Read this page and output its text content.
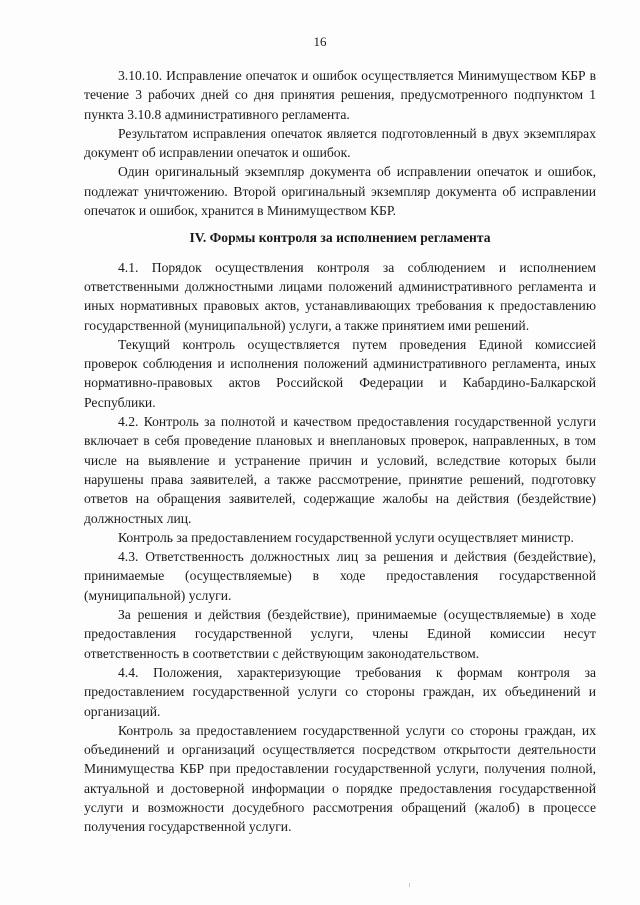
16

3.10.10. Исправление опечаток и ошибок осуществляется Минимуществом КБР в течение 3 рабочих дней со дня принятия решения, предусмотренного подпунктом 1 пункта 3.10.8 административного регламента.

Результатом исправления опечаток является подготовленный в двух экземплярах документ об исправлении опечаток и ошибок.

Один оригинальный экземпляр документа об исправлении опечаток и ошибок, подлежат уничтожению. Второй оригинальный экземпляр документа об исправлении опечаток и ошибок, хранится в Минимуществом КБР.

IV. Формы контроля за исполнением регламента

4.1. Порядок осуществления контроля за соблюдением и исполнением ответственными должностными лицами положений административного регламента и иных нормативных правовых актов, устанавливающих требования к предоставлению государственной (муниципальной) услуги, а также принятием ими решений.

Текущий контроль осуществляется путем проведения Единой комиссией проверок соблюдения и исполнения положений административного регламента, иных нормативно-правовых актов Российской Федерации и Кабардино-Балкарской Республики.

4.2. Контроль за полнотой и качеством предоставления государственной услуги включает в себя проведение плановых и внеплановых проверок, направленных, в том числе на выявление и устранение причин и условий, вследствие которых были нарушены права заявителей, а также рассмотрение, принятие решений, подготовку ответов на обращения заявителей, содержащие жалобы на действия (бездействие) должностных лиц.

Контроль за предоставлением государственной услуги осуществляет министр.

4.3. Ответственность должностных лиц за решения и действия (бездействие), принимаемые (осуществляемые) в ходе предоставления государственной (муниципальной) услуги.

За решения и действия (бездействие), принимаемые (осуществляемые) в ходе предоставления государственной услуги, члены Единой комиссии несут ответственность в соответствии с действующим законодательством.

4.4. Положения, характеризующие требования к формам контроля за предоставлением государственной услуги со стороны граждан, их объединений и организаций.

Контроль за предоставлением государственной услуги со стороны граждан, их объединений и организаций осуществляется посредством открытости деятельности Минимущества КБР при предоставлении государственной услуги, получения полной, актуальной и достоверной информации о порядке предоставления государственной услуги и возможности досудебного рассмотрения обращений (жалоб) в процессе получения государственной услуги.
